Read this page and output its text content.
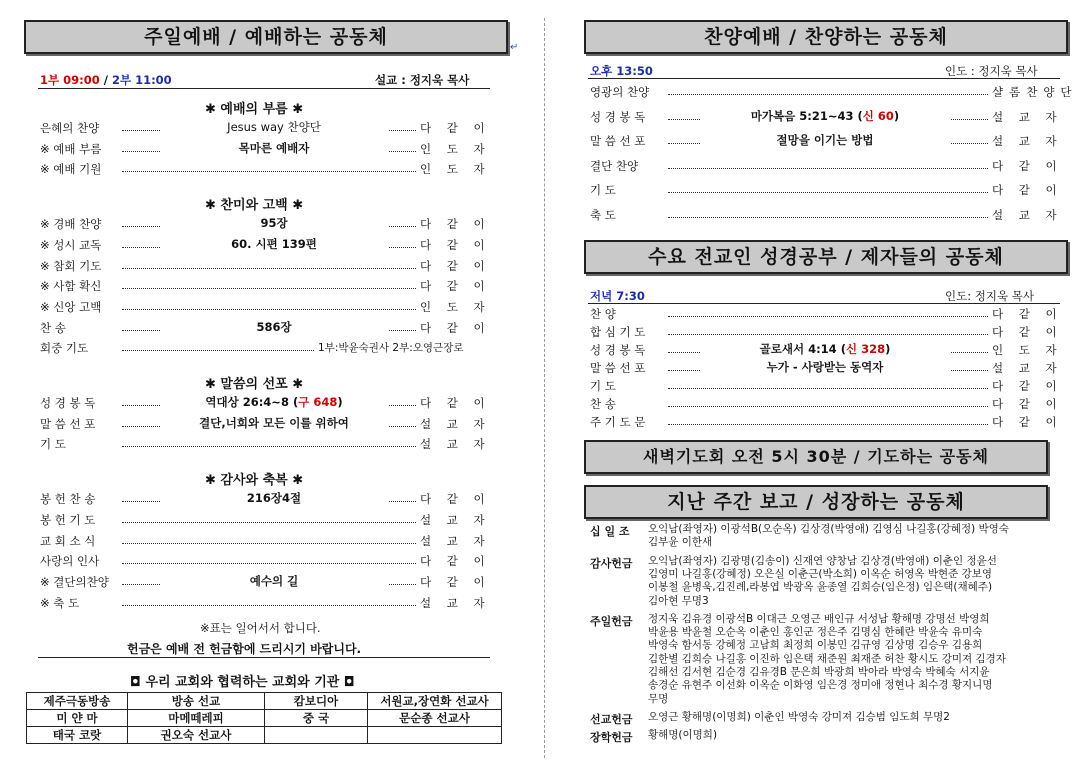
주일예배 / 예배하는 공동체	↵
1부 09:00 / 2부 11:00	설교 : 정지욱 목사
✱ 예배의 부름 ✱
은혜의 찬양	Jesus way 찬양단	다 같 이
※ 예배 부름	목마른 예배자	인 도 자
※ 예배 기원	인 도 자
✱ 찬미와 고백 ✱
※ 경배 찬양	95장	다 같 이
※ 성시 교독	60. 시편 139편	다 같 이
※ 참회 기도	다 같 이
※ 사함 확신	다 같 이
※ 신앙 고백	인 도 자
찬 송	586장	다 같 이
회중 기도	1부:박윤숙권사 2부:오영근장로
✱ 말씀의 선포 ✱
성 경 봉 독	역대상 26:4~8 (구 648)	다 같 이
말 씀 선 포	결단,너희와 모든 이를 위하여	설 교 자
기 도	설 교 자
✱ 감사와 축복 ✱
봉 헌 찬 송	216장4절	다 같 이
봉 헌 기 도	설 교 자
교 회 소 식	설 교 자
사랑의 인사	다 같 이
※ 결단의찬양	예수의 길	다 같 이
※ 축 도	설 교 자
※표는 일어서서 합니다.
헌금은 예배 전 헌금함에 드리시기 바랍니다.
◘ 우리 교회와 협력하는 교회와 기관 ◘
제주극동방송	방송 선교	캄보디아	서원교,장연화 선교사
미 얀 마	마메떼레피	중 국	문순종 선교사
태국 코랏	권오숙 선교사		
찬양예배 / 찬양하는 공동체
오후 13:50	인도 : 정지욱 목사
영광의 찬양	샬롬찬양단
성 경 봉 독	마가복음 5:21~43 (신 60)	설 교 자
말 씀 선 포	절망을 이기는 방법	설 교 자
결단 찬양	다 같 이
기 도	다 같 이
축 도	설 교 자
수요 전교인 성경공부 / 제자들의 공동체
저녁 7:30	인도: 정지욱 목사
찬 양	다 같 이
합 심 기 도	다 같 이
성 경 봉 독	골로새서 4:14 (신 328)	인 도 자
말 씀 선 포	누가 - 사랑받는 동역자	설 교 자
기 도	다 같 이
찬 송	다 같 이
주 기 도 문	다 같 이
새벽기도회 오전 5시 30분 / 기도하는 공동체
지난 주간 보고 / 성장하는 공동체
십 일 조 오익남(좌영자) 이광석B(오순옥) 김상경(박영애) 김영심 나길홍(강혜정) 박영숙
김부윤 이한새
감사헌금 오익남(좌영자) 김광명(김송이) 신재연 양창남 김상경(박영애) 이춘인 정윤선
김영미 나길홍(강혜정) 오은실 이춘근(박소희) 이옥순 허영옥 박현준 강보영
이봉철 윤병욱,김진례,라봉엽 박광옥 윤종열 김희승(임은정) 임은택(채혜주)
김아현 무명3
주일헌금 정지욱 김유경 이광석B 이대근 오영근 배인규 서성남 황해명 강명선 박영희
박윤용 박윤철 오순옥 이춘인 홍인군 정은주 김명심 한혜란 박윤숙 유미숙
박영숙 함서동 강혜정 고남희 최정희 이봉민 김규영 김상명 김승우 김용희
김한별 김희승 나길홍 이진하 임은택 채준원 최재준 허찬 황시도 강미져 김경자
김해선 김서현 김순경 김유경B 문은희 박광희 박아라 박영숙 박혜숙 서지윤
송경순 유현주 이선화 이옥순 이화영 임은경 정미애 정현나 최수경 황지니명
무명
선교헌금 오영근 황해명(이명희) 이춘인 박영숙 강미져 김승범 임도희 무명2
장학헌금 황해명(이명희)
